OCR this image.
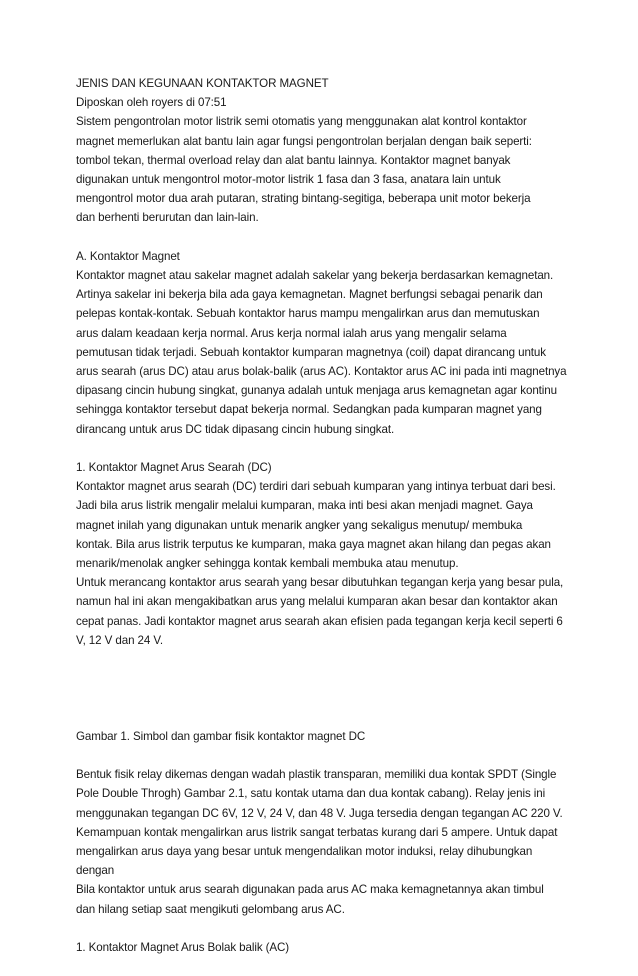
JENIS DAN KEGUNAAN KONTAKTOR MAGNET
Diposkan oleh royers di 07:51
Sistem pengontrolan motor listrik semi otomatis yang menggunakan alat kontrol kontaktor
magnet memerlukan alat bantu lain agar fungsi pengontrolan berjalan dengan baik seperti:
tombol tekan, thermal overload relay dan alat bantu lainnya. Kontaktor magnet banyak
digunakan untuk mengontrol motor-motor listrik 1 fasa dan 3 fasa, anatara lain untuk
mengontrol motor dua arah putaran, strating bintang-segitiga, beberapa unit motor bekerja
dan berhenti berurutan dan lain-lain.
A. Kontaktor Magnet
Kontaktor magnet atau sakelar magnet adalah sakelar yang bekerja berdasarkan kemagnetan.
Artinya sakelar ini bekerja bila ada gaya kemagnetan. Magnet berfungsi sebagai penarik dan
pelepas kontak-kontak. Sebuah kontaktor harus mampu mengalirkan arus dan memutuskan
arus dalam keadaan kerja normal. Arus kerja normal ialah arus yang mengalir selama
pemutusan tidak terjadi. Sebuah kontaktor kumparan magnetnya (coil) dapat dirancang untuk
arus searah (arus DC) atau arus bolak-balik (arus AC). Kontaktor arus AC ini pada inti magnetnya
dipasang cincin hubung singkat, gunanya adalah untuk menjaga arus kemagnetan agar kontinu
sehingga kontaktor tersebut dapat bekerja normal. Sedangkan pada kumparan magnet yang
dirancang untuk arus DC tidak dipasang cincin hubung singkat.
1. Kontaktor Magnet Arus Searah (DC)
Kontaktor magnet arus searah (DC) terdiri dari sebuah kumparan yang intinya terbuat dari besi.
Jadi bila arus listrik mengalir melalui kumparan, maka inti besi akan menjadi magnet. Gaya
magnet inilah yang digunakan untuk menarik angker yang sekaligus menutup/ membuka
kontak. Bila arus listrik terputus ke kumparan, maka gaya magnet akan hilang dan pegas akan
menarik/menolak angker sehingga kontak kembali membuka atau menutup.
Untuk merancang kontaktor arus searah yang besar dibutuhkan tegangan kerja yang besar pula,
namun hal ini akan mengakibatkan arus yang melalui kumparan akan besar dan kontaktor akan
cepat panas. Jadi kontaktor magnet arus searah akan efisien pada tegangan kerja kecil seperti 6
V, 12 V dan 24 V.
Gambar 1. Simbol dan gambar fisik kontaktor magnet DC
Bentuk fisik relay dikemas dengan wadah plastik transparan, memiliki dua kontak SPDT (Single
Pole Double Throgh) Gambar 2.1, satu kontak utama dan dua kontak cabang). Relay jenis ini
menggunakan tegangan DC 6V, 12 V, 24 V, dan 48 V. Juga tersedia dengan tegangan AC 220 V.
Kemampuan kontak mengalirkan arus listrik sangat terbatas kurang dari 5 ampere. Untuk dapat
mengalirkan arus daya yang besar untuk mengendalikan motor induksi, relay dihubungkan
dengan
Bila kontaktor untuk arus searah digunakan pada arus AC maka kemagnetannya akan timbul
dan hilang setiap saat mengikuti gelombang arus AC.
1. Kontaktor Magnet Arus Bolak balik (AC)
